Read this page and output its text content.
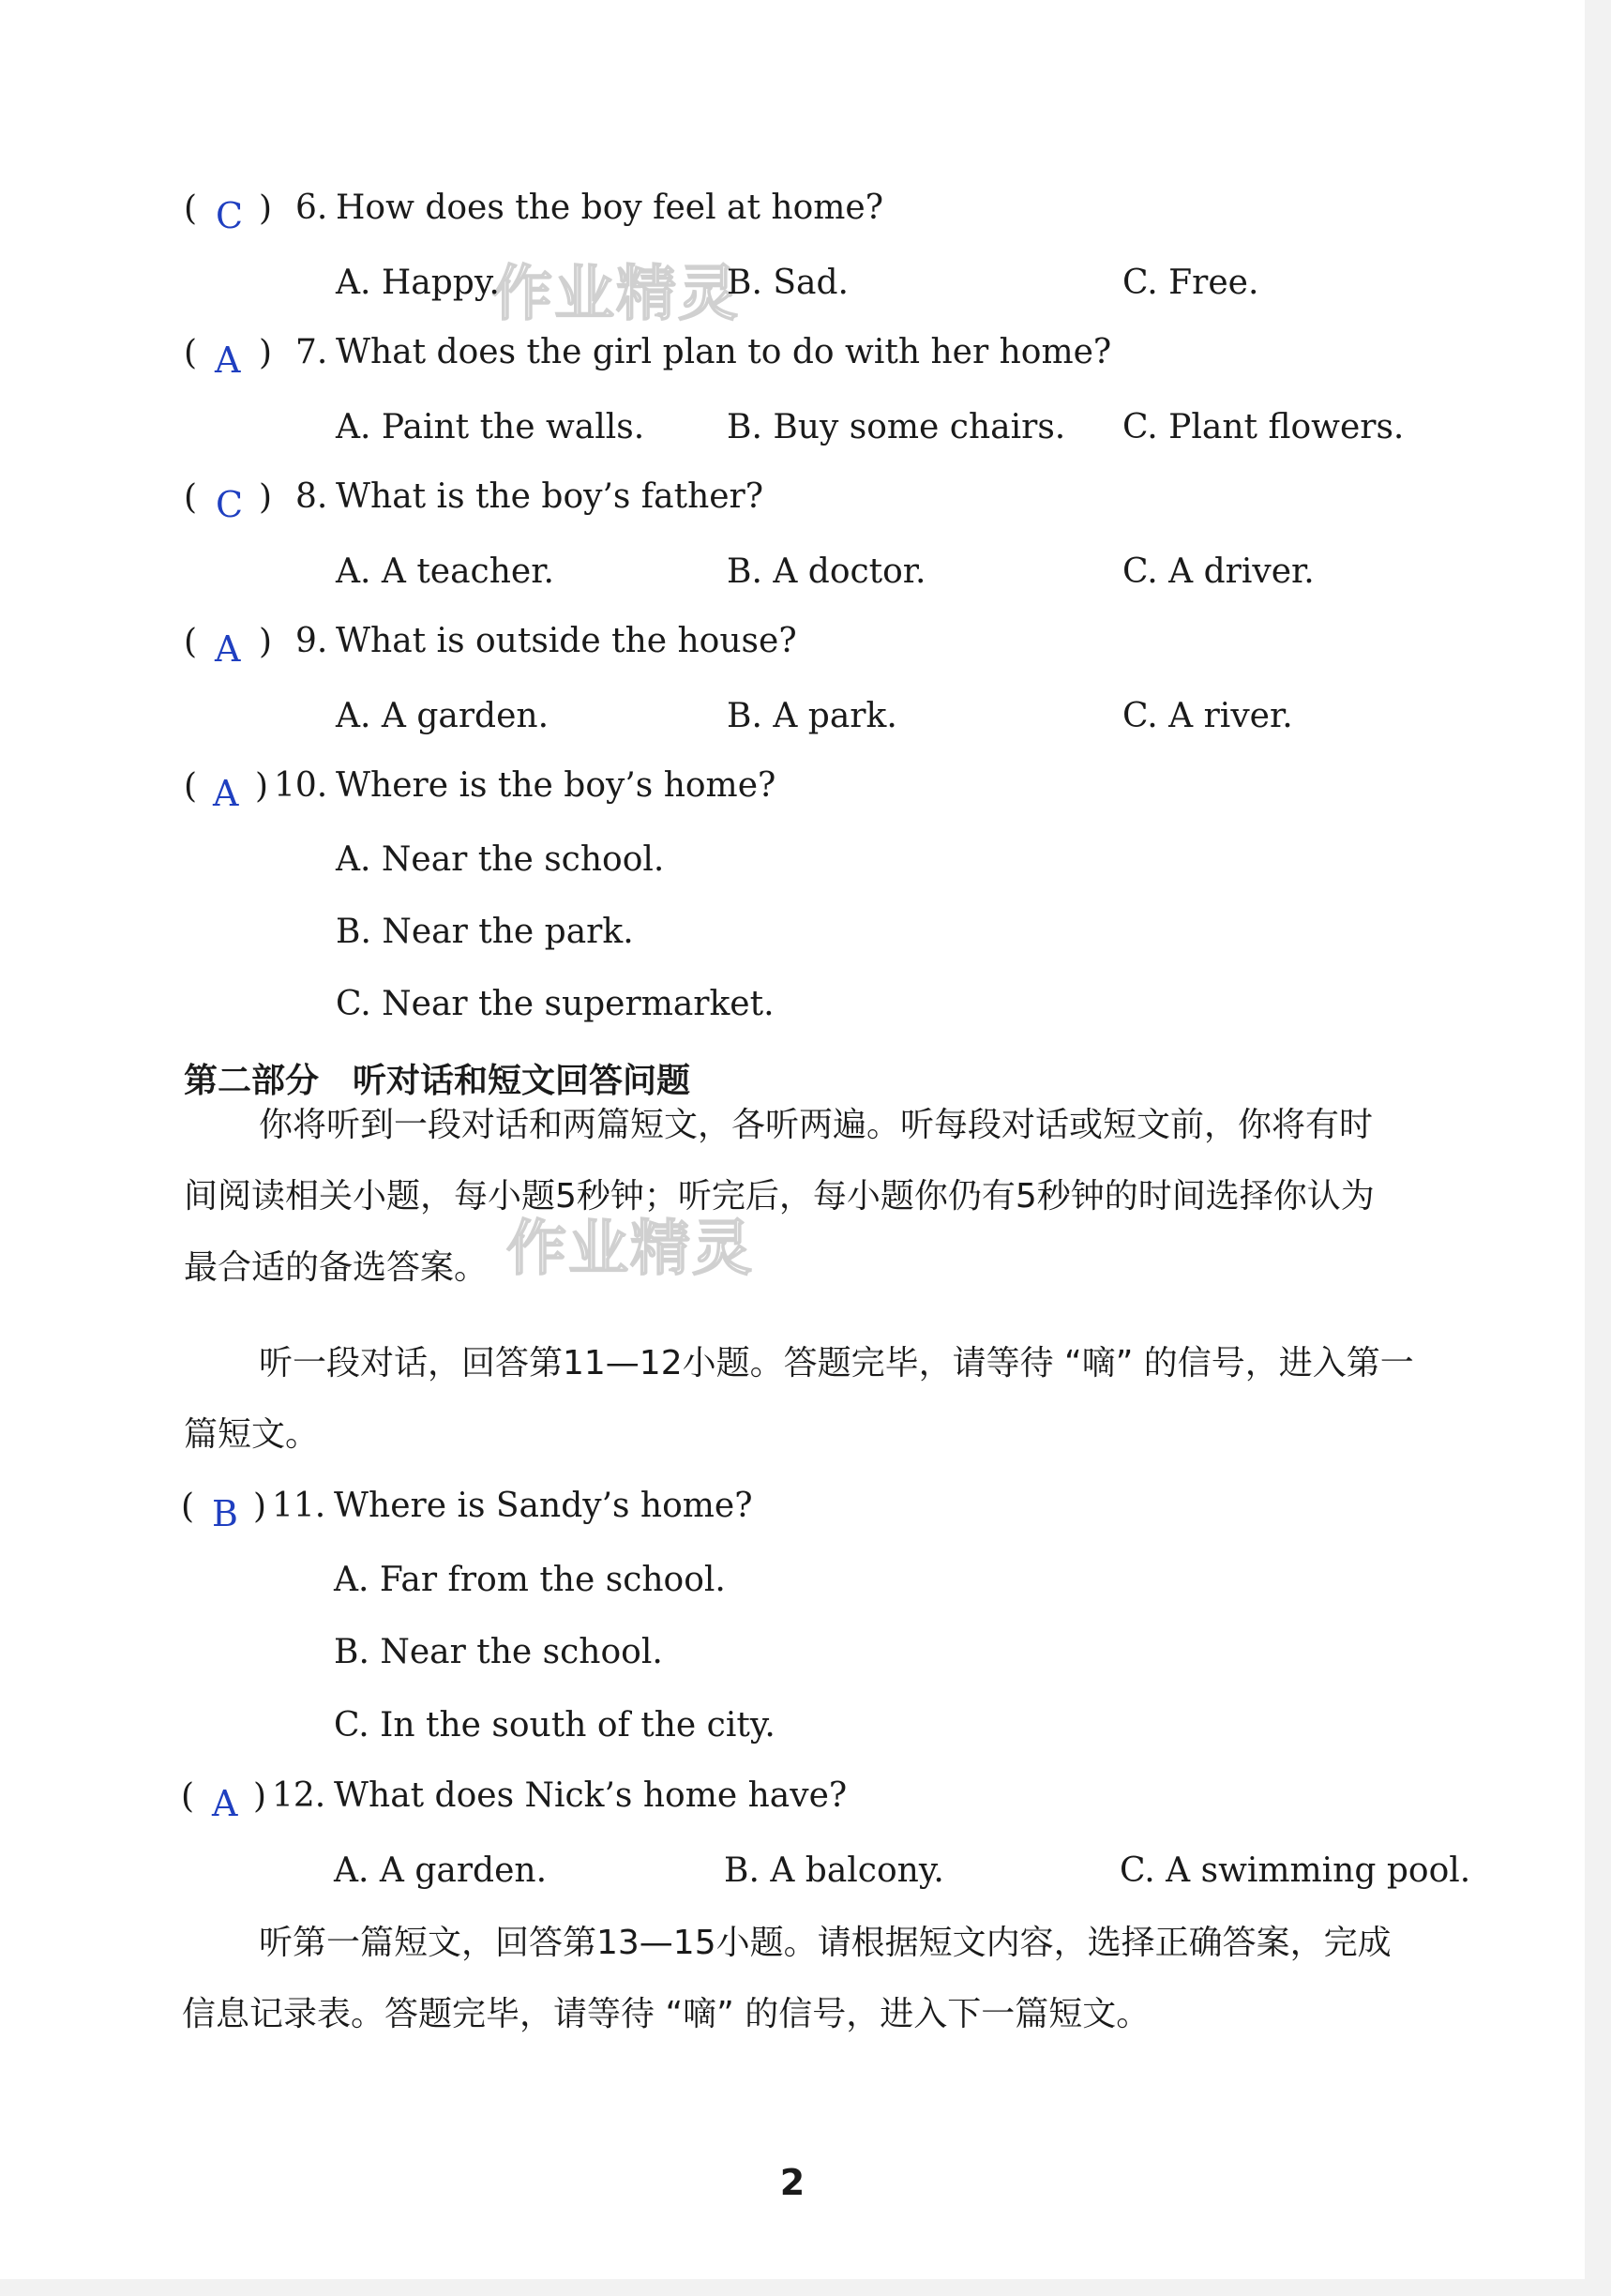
作业精灵
作业精灵
( C ) 6. How does the boy feel at home?
A. Happy.	B. Sad.	C. Free.
( A ) 7. What does the girl plan to do with her home?
A. Paint the walls. B. Buy some chairs. C. Plant flowers.
( C ) 8. What is the boy’s father?
A. A teacher.	B. A doctor.	C. A driver.
( A ) 9. What is outside the house?
A. A garden.	B. A park.	C. A river.
( A ) 10. Where is the boy’s home?
A. Near the school.
B. Near the park.
C. Near the supermarket.
第二部分　听对话和短文回答问题
你将听到一段对话和两篇短文，各听两遍。听每段对话或短文前，你将有时
间阅读相关小题，每小题5秒钟；听完后，每小题你仍有5秒钟的时间选择你认为
最合适的备选答案。
听一段对话，回答第11—12小题。答题完毕，请等待 “嘀” 的信号，进入第一
篇短文。
( B ) 11. Where is Sandy’s home?
A. Far from the school.
B. Near the school.
C. In the south of the city.
( A ) 12. What does Nick’s home have?
A. A garden.	B. A balcony.	C. A swimming pool.
听第一篇短文，回答第13—15小题。请根据短文内容，选择正确答案，完成
信息记录表。答题完毕，请等待 “嘀” 的信号，进入下一篇短文。
2
